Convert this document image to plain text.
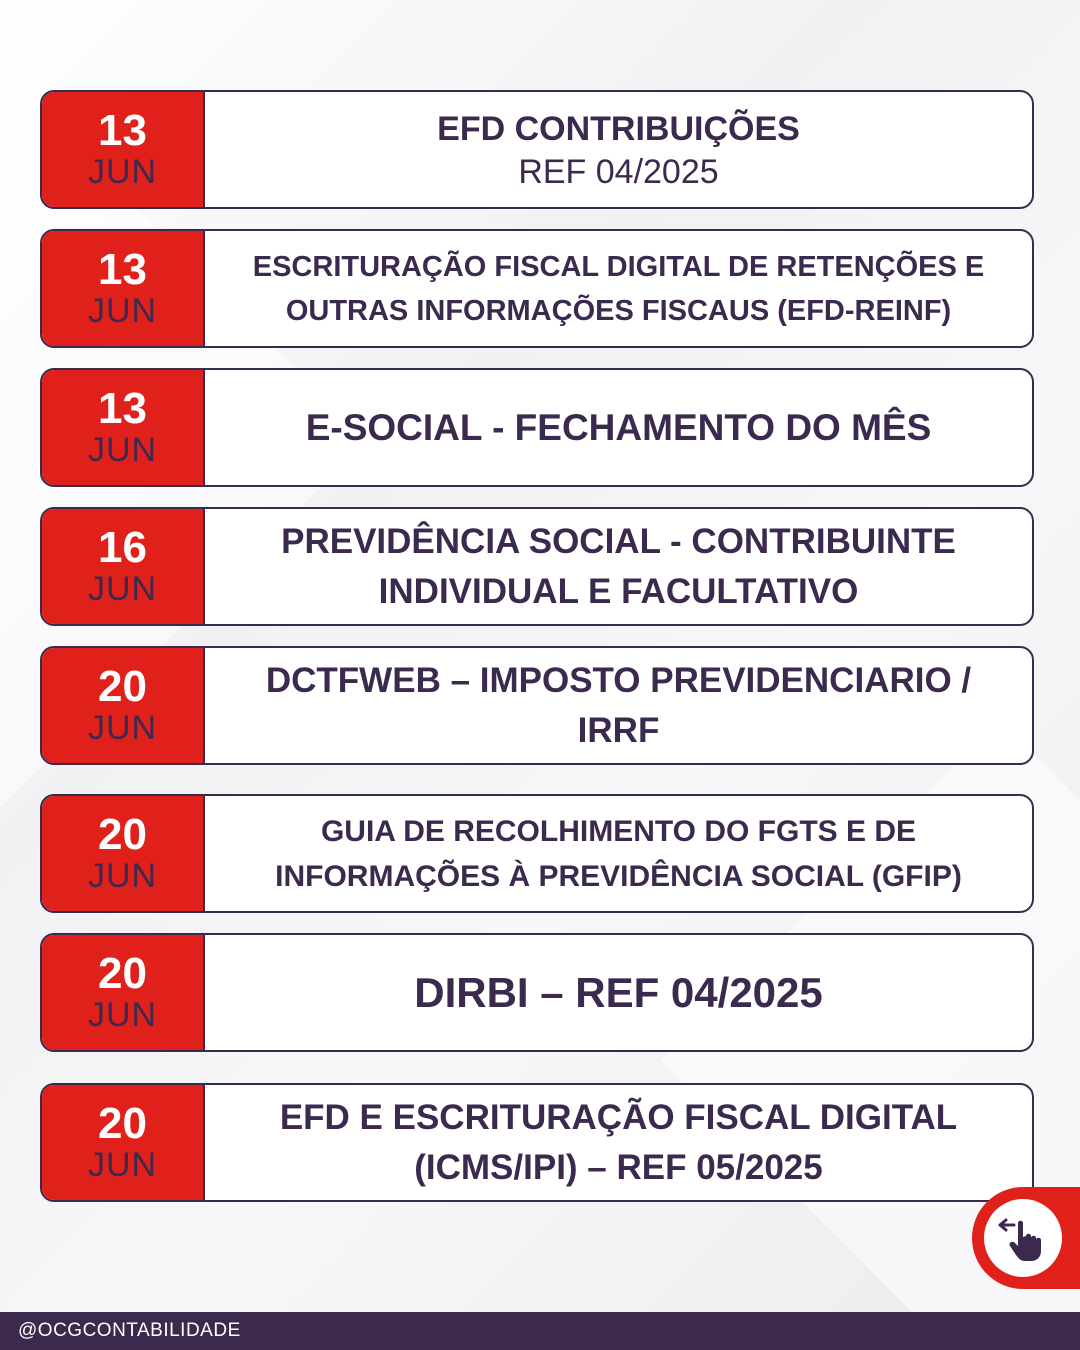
13
JUN
EFD CONTRIBUIÇÕES
REF 04/2025
13
JUN
ESCRITURAÇÃO FISCAL DIGITAL DE RETENÇÕES E
OUTRAS INFORMAÇÕES FISCAUS (EFD-REINF)
13
JUN
E-SOCIAL - FECHAMENTO DO MÊS
16
JUN
PREVIDÊNCIA SOCIAL - CONTRIBUINTE
INDIVIDUAL E FACULTATIVO
20
JUN
DCTFWEB – IMPOSTO PREVIDENCIARIO /
IRRF
20
JUN
GUIA DE RECOLHIMENTO DO FGTS E DE
INFORMAÇÕES À PREVIDÊNCIA SOCIAL (GFIP)
20
JUN	DIRBI – REF 04/2025
20
JUN
EFD E ESCRITURAÇÃO FISCAL DIGITAL
(ICMS/IPI) – REF 05/2025
@OCGCONTABILIDADE
